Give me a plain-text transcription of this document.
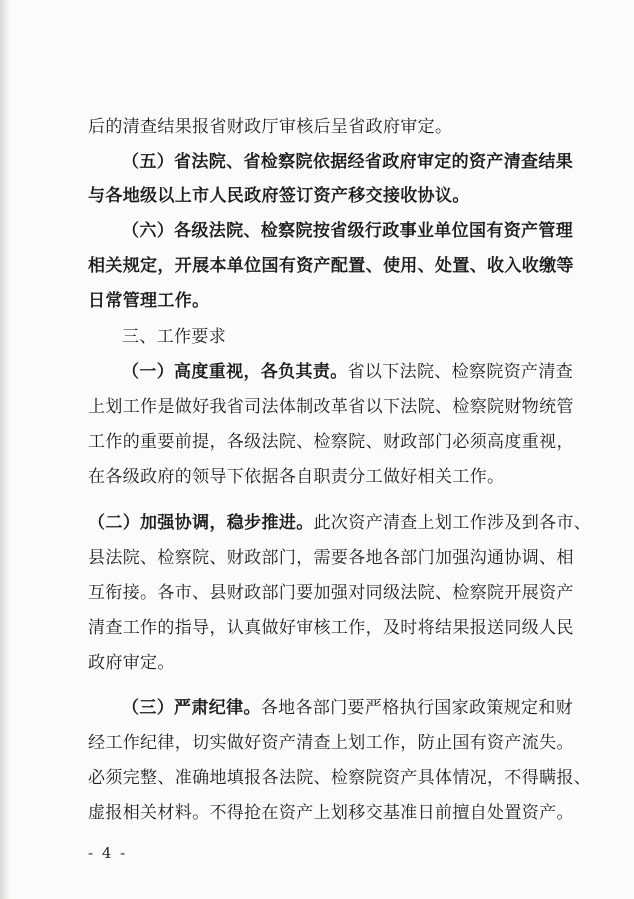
后的清查结果报省财政厅审核后呈省政府审定。
（五）省法院、省检察院依据经省政府审定的资产清查结果
与各地级以上市人民政府签订资产移交接收协议。
（六）各级法院、检察院按省级行政事业单位国有资产管理
相关规定，开展本单位国有资产配置、使用、处置、收入收缴等
日常管理工作。
三、工作要求
（一）高度重视，各负其责。省以下法院、检察院资产清查
上划工作是做好我省司法体制改革省以下法院、检察院财物统管
工作的重要前提，各级法院、检察院、财政部门必须高度重视，
在各级政府的领导下依据各自职责分工做好相关工作。
（二）加强协调，稳步推进。此次资产清查上划工作涉及到各市、
县法院、检察院、财政部门，需要各地各部门加强沟通协调、相
互衔接。各市、县财政部门要加强对同级法院、检察院开展资产
清查工作的指导，认真做好审核工作，及时将结果报送同级人民
政府审定。
（三）严肃纪律。各地各部门要严格执行国家政策规定和财
经工作纪律，切实做好资产清查上划工作，防止国有资产流失。
必须完整、准确地填报各法院、检察院资产具体情况，不得瞒报、
虚报相关材料。不得抢在资产上划移交基准日前擅自处置资产。
- 4 -
